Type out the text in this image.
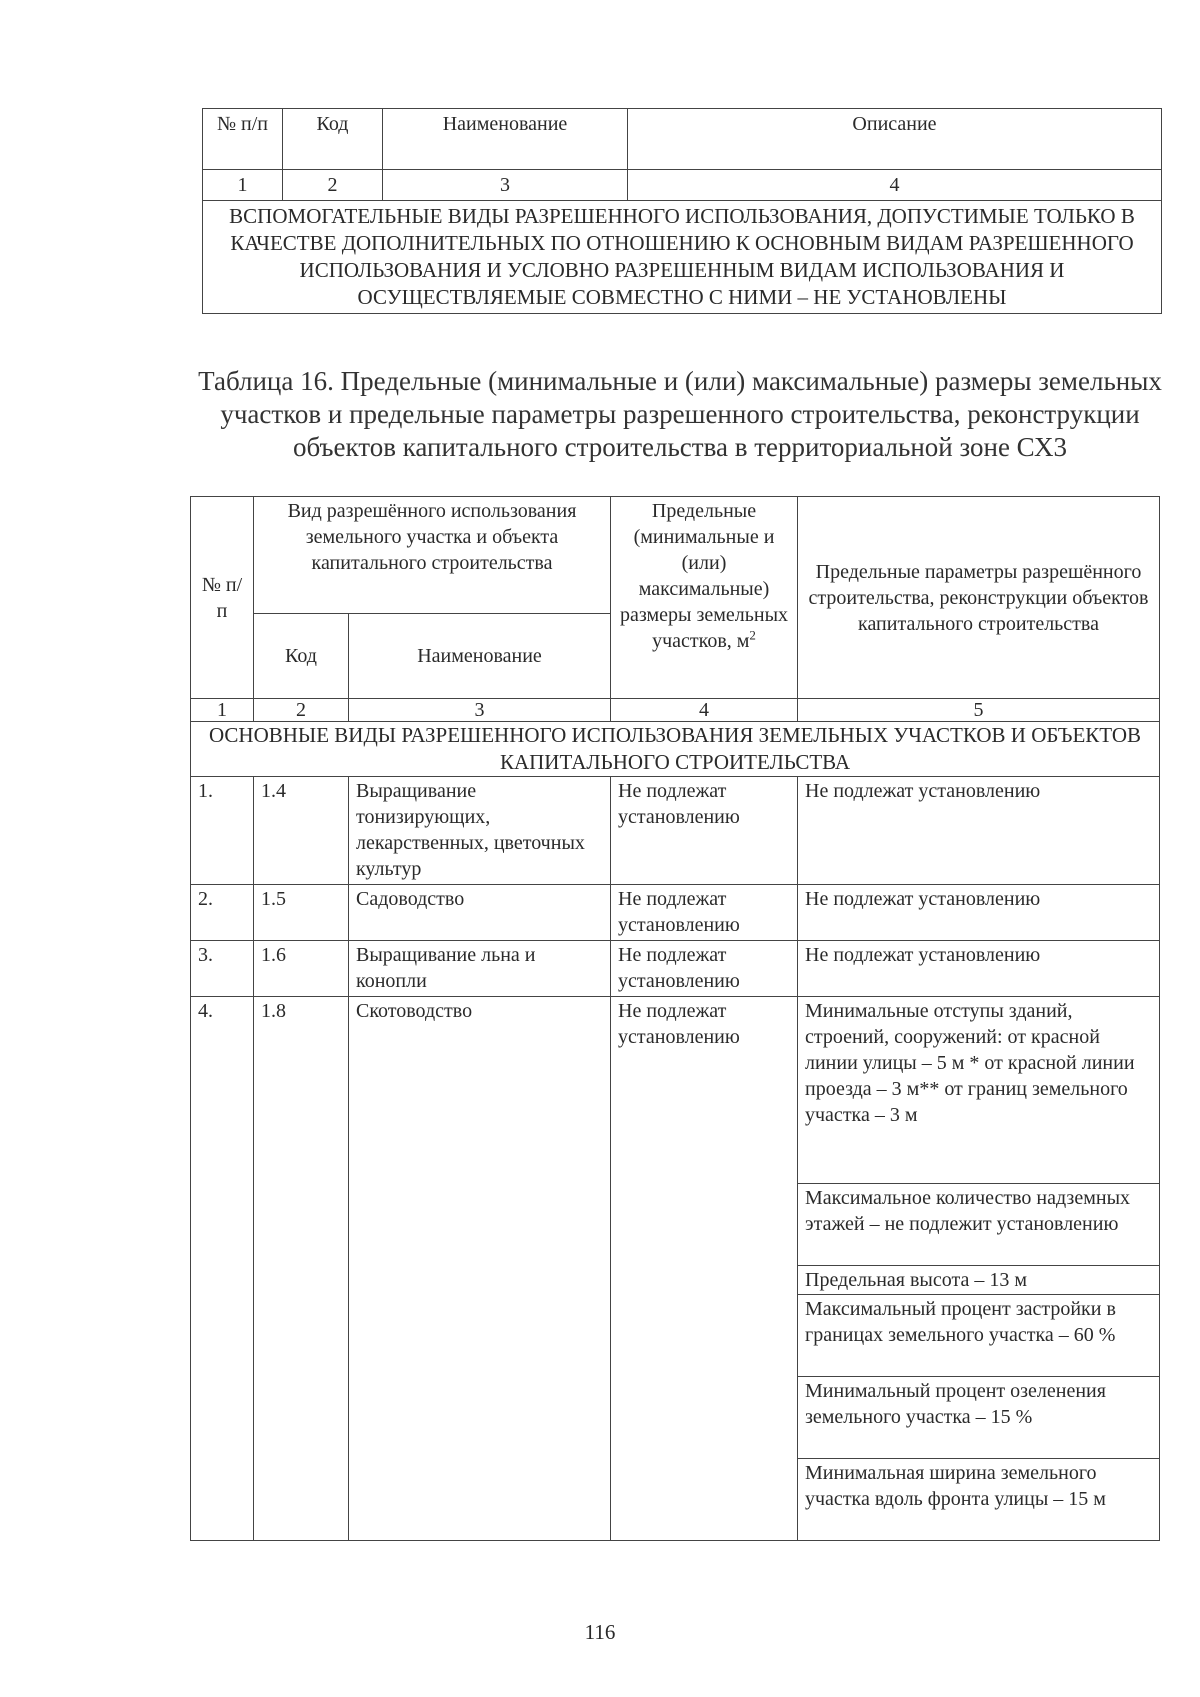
№ п/п	Код	Наименование	Описание
1	2	3	4
ВСПОМОГАТЕЛЬНЫЕ ВИДЫ РАЗРЕШЕННОГО ИСПОЛЬЗОВАНИЯ, ДОПУСТИМЫЕ ТОЛЬКО В КАЧЕСТВЕ ДОПОЛНИТЕЛЬНЫХ ПО ОТНОШЕНИЮ К ОСНОВНЫМ ВИДАМ РАЗРЕШЕННОГО ИСПОЛЬЗОВАНИЯ И УСЛОВНО РАЗРЕШЕННЫМ ВИДАМ ИСПОЛЬЗОВАНИЯ И ОСУЩЕСТВЛЯЕМЫЕ СОВМЕСТНО С НИМИ – НЕ УСТАНОВЛЕНЫ			
Таблица 16. Предельные (минимальные и (или) максимальные) размеры земельных участков и предельные параметры разрешенного строительства, реконструкции объектов капитального строительства в территориальной зоне СХ3
№ п/п	Вид разрешённого использования земельного участка и объекта капитального строительства		Предельные (минимальные и (или) максимальные) размеры земельных участков, $м^2$	Предельные параметры разрешённого строительства, реконструкции объектов капитального строительства
	Код	Наименование		
1	2	3	4	5
ОСНОВНЫЕ ВИДЫ РАЗРЕШЕННОГО ИСПОЛЬЗОВАНИЯ ЗЕМЕЛЬНЫХ УЧАСТКОВ И ОБЪЕКТОВ КАПИТАЛЬНОГО СТРОИТЕЛЬСТВА				
1.	1.4	Выращивание тонизирующих, лекарственных, цветочных культур	Не подлежат установлению	Не подлежат установлению
2.	1.5	Садоводство	Не подлежат установлению	Не подлежат установлению
3.	1.6	Выращивание льна и конопли	Не подлежат установлению	Не подлежат установлению
4.	1.8	Скотоводство	Не подлежат установлению	Минимальные отступы зданий, строений, сооружений: от красной линии улицы – 5 м * от красной линии проезда – 3 м** от границ земельного участка – 3 м
				Максимальное количество надземных этажей – не подлежит установлению
				Предельная высота – 13 м
				Максимальный процент застройки в границах земельного участка – 60 %
				Минимальный процент озеленения земельного участка – 15 %
				Минимальная ширина земельного участка вдоль фронта улицы – 15 м
116
